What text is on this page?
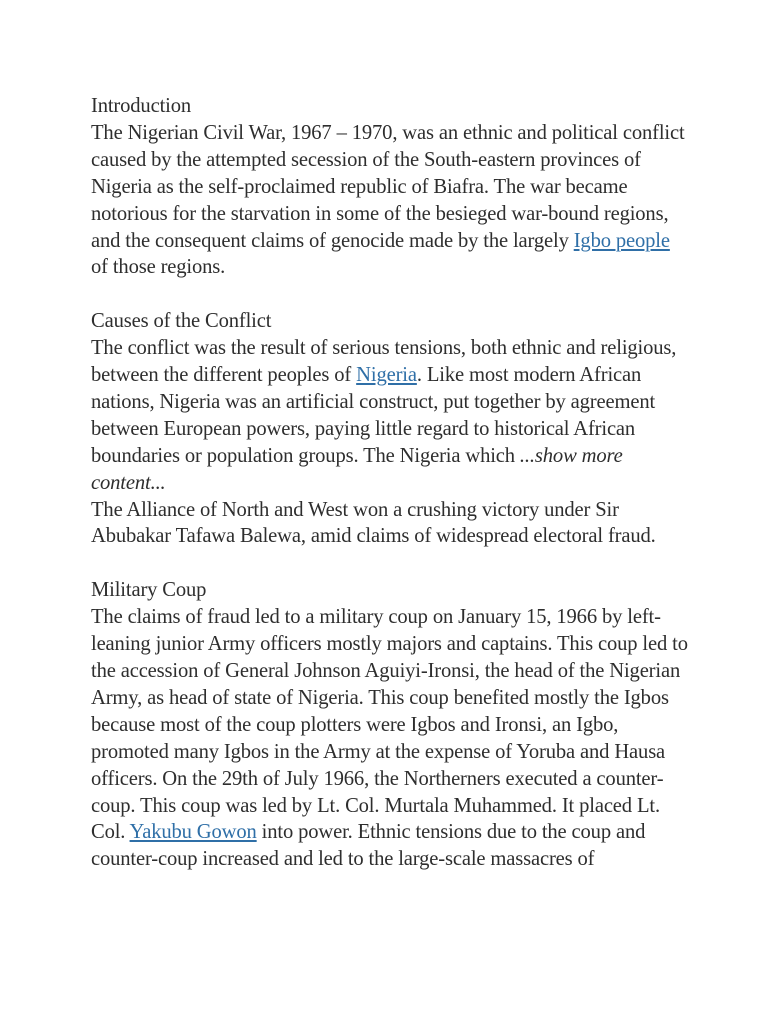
Introduction
The Nigerian Civil War, 1967 – 1970, was an ethnic and political conflict caused by the attempted secession of the South-eastern provinces of Nigeria as the self-proclaimed republic of Biafra. The war became notorious for the starvation in some of the besieged war-bound regions, and the consequent claims of genocide made by the largely Igbo people of those regions.
Causes of the Conflict
The conflict was the result of serious tensions, both ethnic and religious, between the different peoples of Nigeria. Like most modern African nations, Nigeria was an artificial construct, put together by agreement between European powers, paying little regard to historical African boundaries or population groups. The Nigeria which ...show more content...
The Alliance of North and West won a crushing victory under Sir Abubakar Tafawa Balewa, amid claims of widespread electoral fraud.
Military Coup
The claims of fraud led to a military coup on January 15, 1966 by left-leaning junior Army officers mostly majors and captains. This coup led to the accession of General Johnson Aguiyi-Ironsi, the head of the Nigerian Army, as head of state of Nigeria. This coup benefited mostly the Igbos because most of the coup plotters were Igbos and Ironsi, an Igbo, promoted many Igbos in the Army at the expense of Yoruba and Hausa officers. On the 29th of July 1966, the Northerners executed a counter-coup. This coup was led by Lt. Col. Murtala Muhammed. It placed Lt. Col. Yakubu Gowon into power. Ethnic tensions due to the coup and counter-coup increased and led to the large-scale massacres of
